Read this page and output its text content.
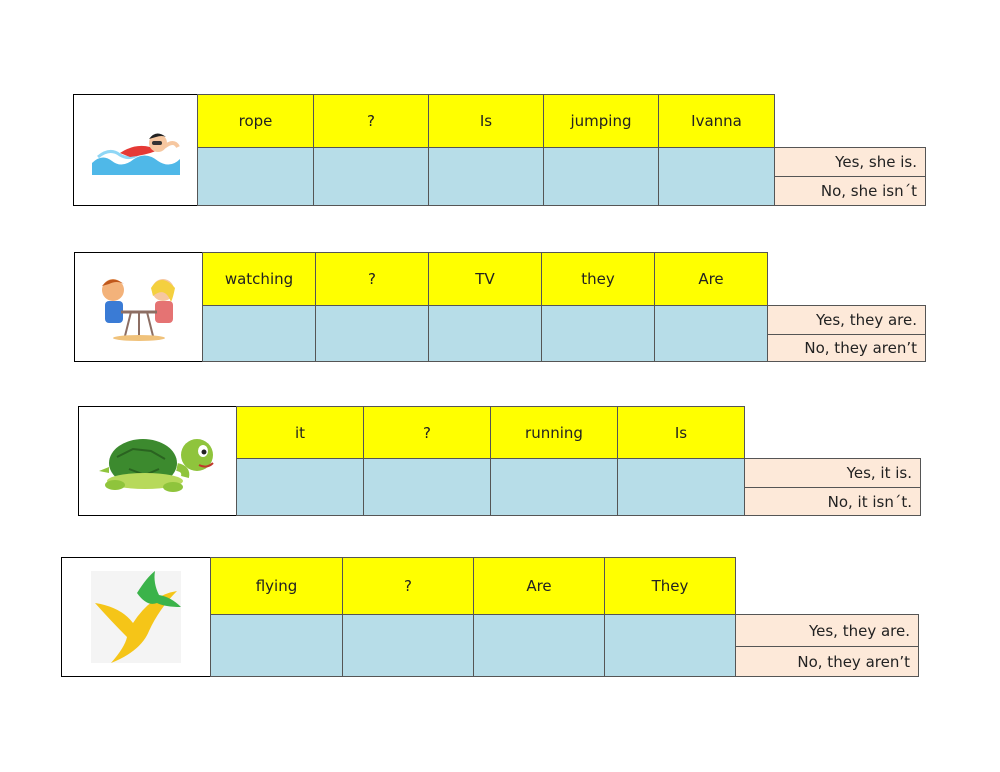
rope	?	Is	jumping	Ivanna
Yes, she is.
No, she isn´t
watching	?	TV	they	Are
Yes, they are.
No, they aren’t
it	?	running	Is
Yes, it is.
No, it isn´t.
flying	?	Are	They
Yes, they are.
No, they aren’t
